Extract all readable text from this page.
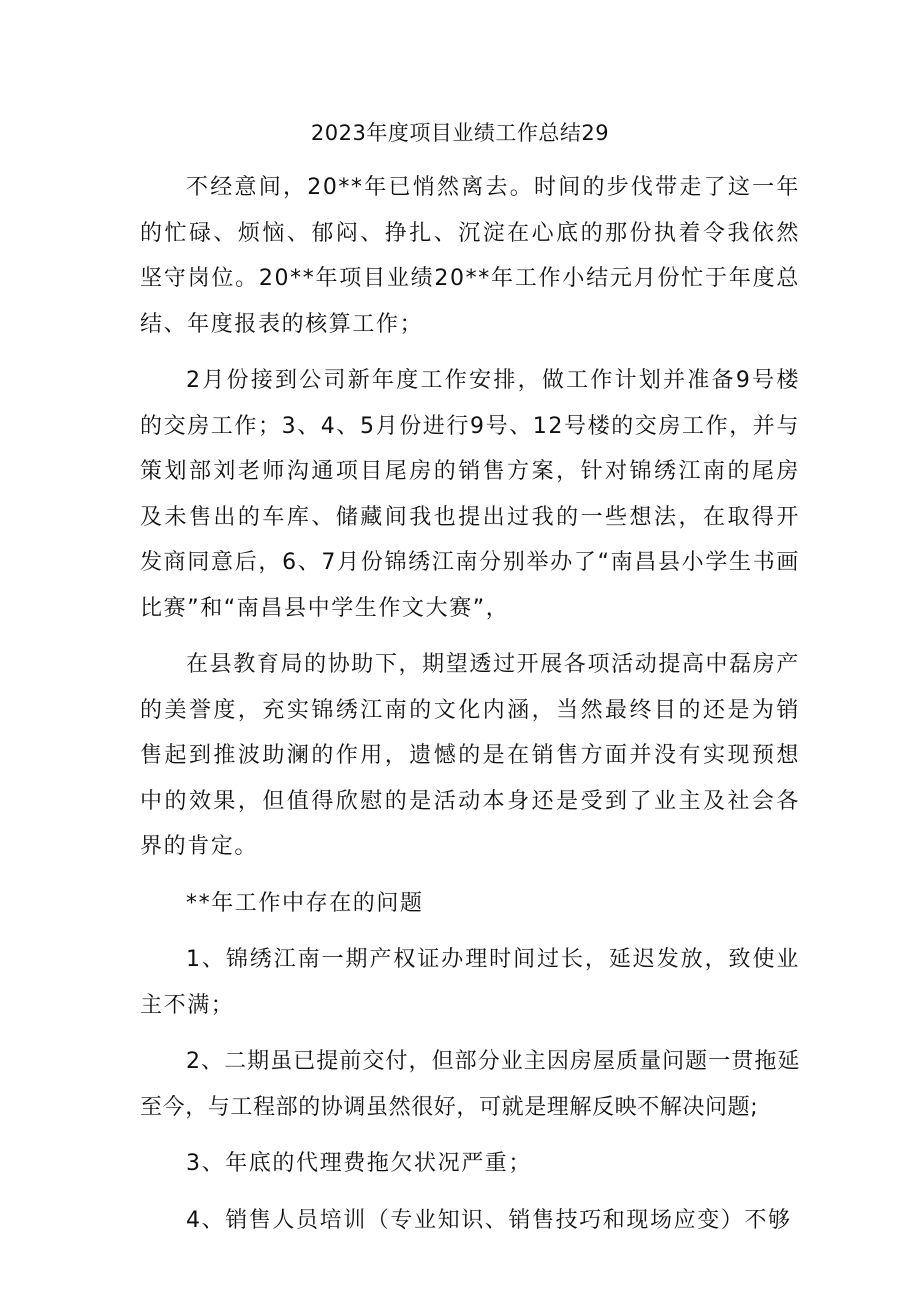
2023年度项目业绩工作总结29

不经意间，20**年已悄然离去。时间的步伐带走了这一年的忙碌、烦恼、郁闷、挣扎、沉淀在心底的那份执着令我依然坚守岗位。20**年项目业绩20**年工作小结元月份忙于年度总结、年度报表的核算工作；

2月份接到公司新年度工作安排，做工作计划并准备9号楼的交房工作；3、4、5月份进行9号、12号楼的交房工作，并与策划部刘老师沟通项目尾房的销售方案，针对锦绣江南的尾房及未售出的车库、储藏间我也提出过我的一些想法，在取得开发商同意后，6、7月份锦绣江南分别举办了“南昌县小学生书画比赛”和“南昌县中学生作文大赛”，

在县教育局的协助下，期望透过开展各项活动提高中磊房产的美誉度，充实锦绣江南的文化内涵，当然最终目的还是为销售起到推波助澜的作用，遗憾的是在销售方面并没有实现预想中的效果，但值得欣慰的是活动本身还是受到了业主及社会各界的肯定。

**年工作中存在的问题

1、锦绣江南一期产权证办理时间过长，延迟发放，致使业主不满；

2、二期虽已提前交付，但部分业主因房屋质量问题一贯拖延至今，与工程部的协调虽然很好，可就是理解反映不解决问题;

3、年底的代理费拖欠状况严重；

4、销售人员培训（专业知识、销售技巧和现场应变）不够
